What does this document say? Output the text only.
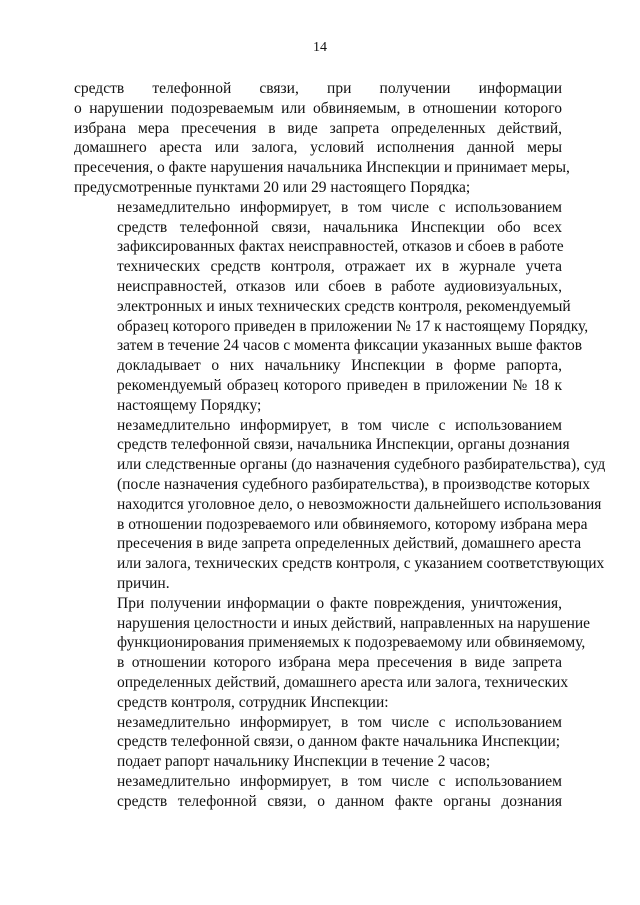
14

средств телефонной связи, при получении информации
о нарушении подозреваемым или обвиняемым, в отношении которого
избрана мера пресечения в виде запрета определенных действий,
домашнего ареста или залога, условий исполнения данной меры
пресечения, о факте нарушения начальника Инспекции и принимает меры,
предусмотренные пунктами 20 или 29 настоящего Порядка;

незамедлительно информирует, в том числе с использованием
средств телефонной связи, начальника Инспекции обо всех
зафиксированных фактах неисправностей, отказов и сбоев в работе
технических средств контроля, отражает их в журнале учета
неисправностей, отказов или сбоев в работе аудиовизуальных,
электронных и иных технических средств контроля, рекомендуемый
образец которого приведен в приложении № 17 к настоящему Порядку,
затем в течение 24 часов с момента фиксации указанных выше фактов
докладывает о них начальнику Инспекции в форме рапорта,
рекомендуемый образец которого приведен в приложении № 18 к
настоящему Порядку;

незамедлительно информирует, в том числе с использованием
средств телефонной связи, начальника Инспекции, органы дознания
или следственные органы (до назначения судебного разбирательства), суд
(после назначения судебного разбирательства), в производстве которых
находится уголовное дело, о невозможности дальнейшего использования
в отношении подозреваемого или обвиняемого, которому избрана мера
пресечения в виде запрета определенных действий, домашнего ареста
или залога, технических средств контроля, с указанием соответствующих
причин.

При получении информации о факте повреждения, уничтожения,
нарушения целостности и иных действий, направленных на нарушение
функционирования применяемых к подозреваемому или обвиняемому,
в отношении которого избрана мера пресечения в виде запрета
определенных действий, домашнего ареста или залога, технических
средств контроля, сотрудник Инспекции:

незамедлительно информирует, в том числе с использованием
средств телефонной связи, о данном факте начальника Инспекции;

подает рапорт начальнику Инспекции в течение 2 часов;

незамедлительно информирует, в том числе с использованием
средств телефонной связи, о данном факте органы дознания
